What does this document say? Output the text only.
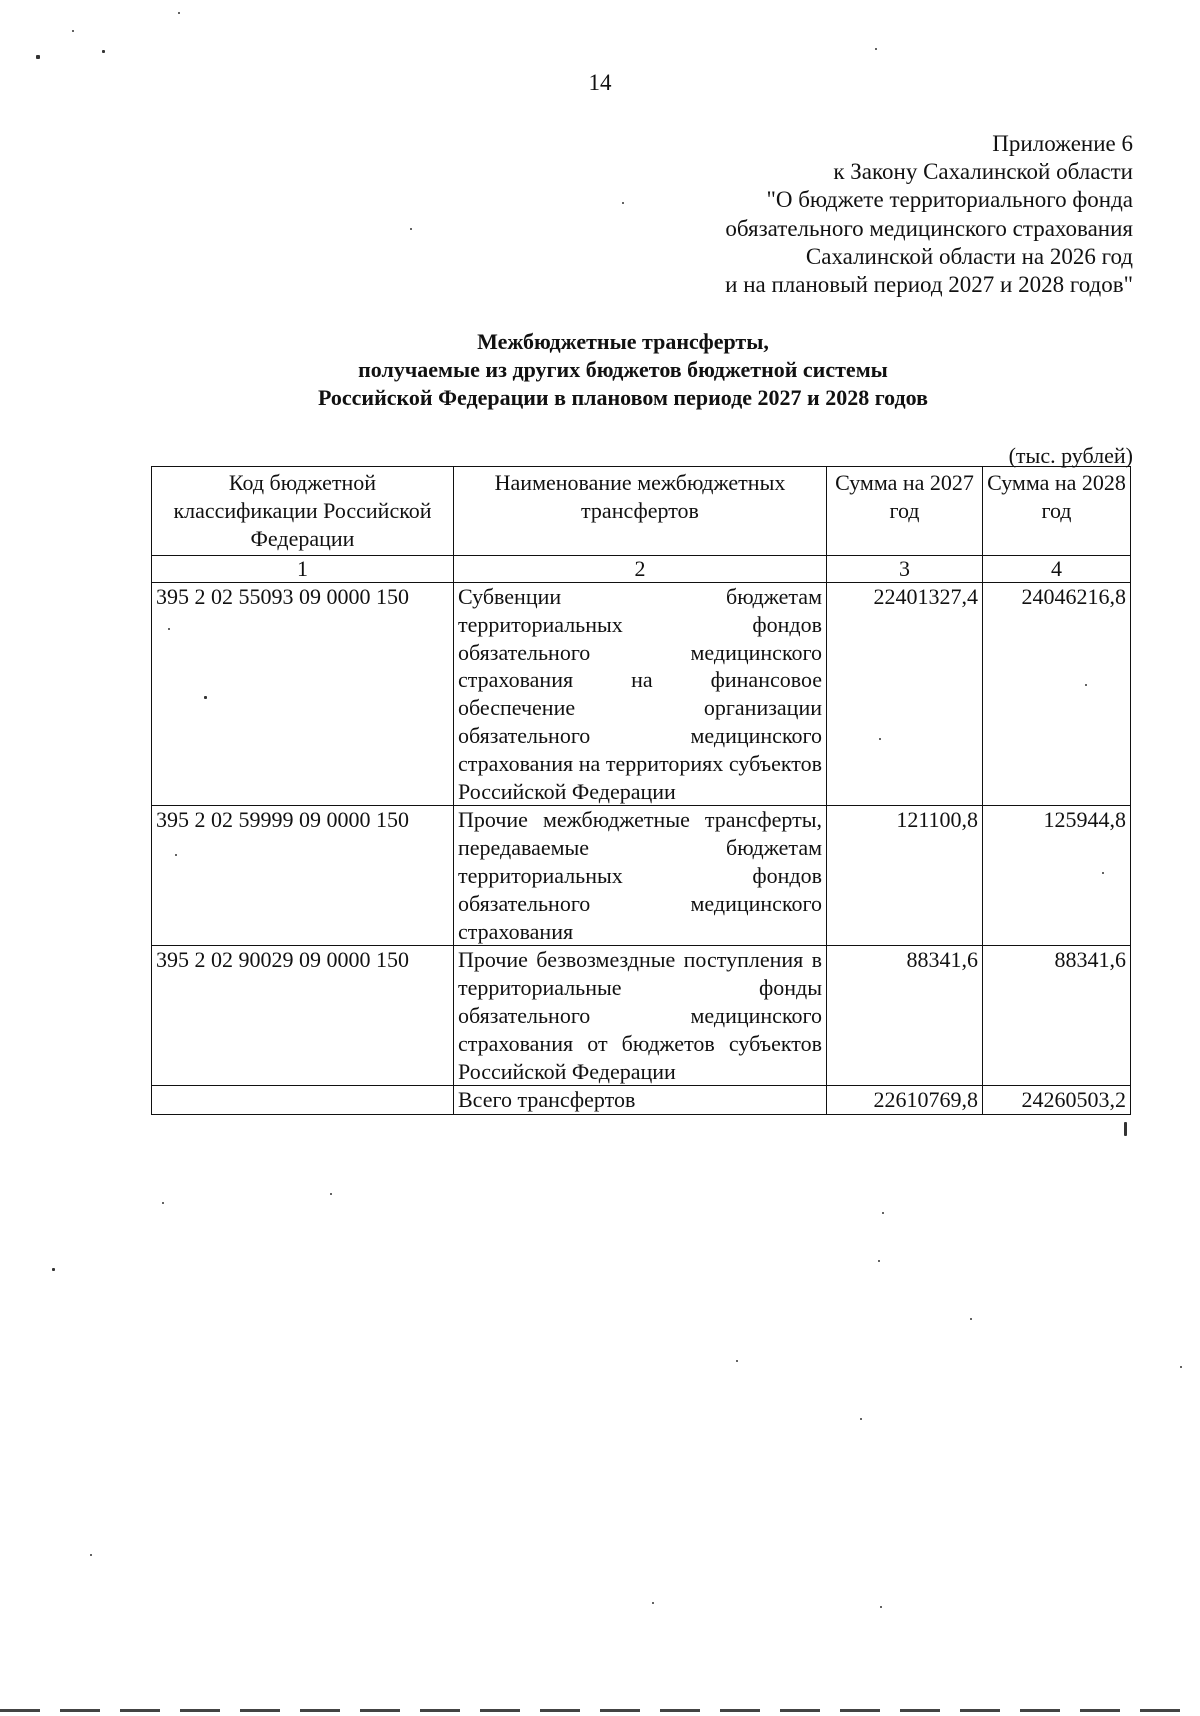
14
Приложение 6
к Закону Сахалинской области
"О бюджете территориального фонда
обязательного медицинского страхования
Сахалинской области на 2026 год
и на плановый период 2027 и 2028 годов"
Межбюджетные трансферты,
получаемые из других бюджетов бюджетной системы
Российской Федерации в плановом периоде 2027 и 2028 годов
(тыс. рублей)
Код бюджетной классификации Российской Федерации	Наименование межбюджетных трансфертов	Сумма на 2027 год	Сумма на 2028 год
1	2	3	4
395 2 02 55093 09 0000 150	Субвенции бюджетам территориальных фондов обязательного медицинского страхования на финансовое обеспечение организации обязательного медицинского страхования на территориях субъектов Российской Федерации	22401327,4	24046216,8
395 2 02 59999 09 0000 150	Прочие межбюджетные трансферты, передаваемые бюджетам территориальных фондов обязательного медицинского страхования	121100,8	125944,8
395 2 02 90029 09 0000 150	Прочие безвозмездные поступления в территориальные фонды обязательного медицинского страхования от бюджетов субъектов Российской Федерации	88341,6	88341,6
	Всего трансфертов	22610769,8	24260503,2
